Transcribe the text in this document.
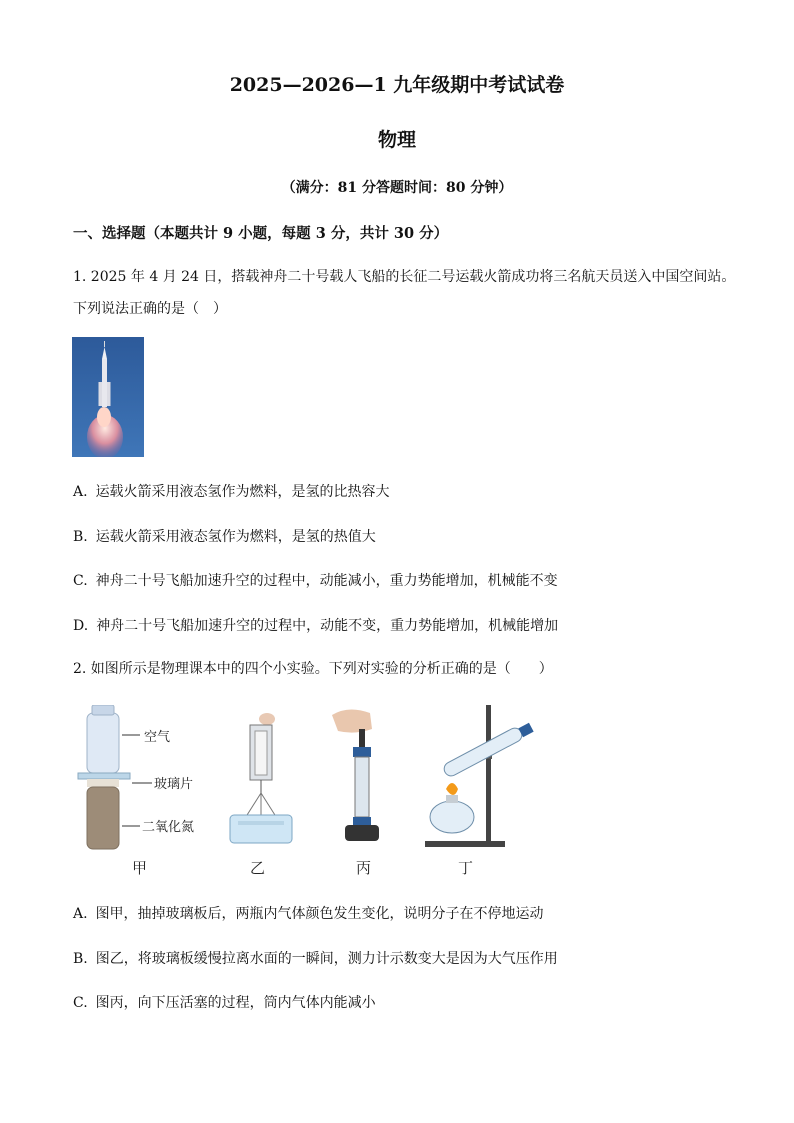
2025—2026—1 九年级期中考试试卷
物理
（满分：81 分答题时间：80 分钟）
一、选择题（本题共计 9 小题，每题 3 分，共计 30 分）
1. 2025 年 4 月 24 日，搭载神舟二十号载人飞船的长征二号运载火箭成功将三名航天员送入中国空间站。
下列说法正确的是（　）
A. 运载火箭采用液态氢作为燃料，是氢的比热容大
B. 运载火箭采用液态氢作为燃料，是氢的热值大
C. 神舟二十号飞船加速升空的过程中，动能减小，重力势能增加，机械能不变
D. 神舟二十号飞船加速升空的过程中，动能不变，重力势能增加，机械能增加
2. 如图所示是物理课本中的四个小实验。下列对实验的分析正确的是（　　）
空气
玻璃片
二氧化氮
甲	乙	丙	丁
A. 图甲，抽掉玻璃板后，两瓶内气体颜色发生变化，说明分子在不停地运动
B. 图乙，将玻璃板缓慢拉离水面的一瞬间，测力计示数变大是因为大气压作用
C. 图丙，向下压活塞的过程，筒内气体内能减小
